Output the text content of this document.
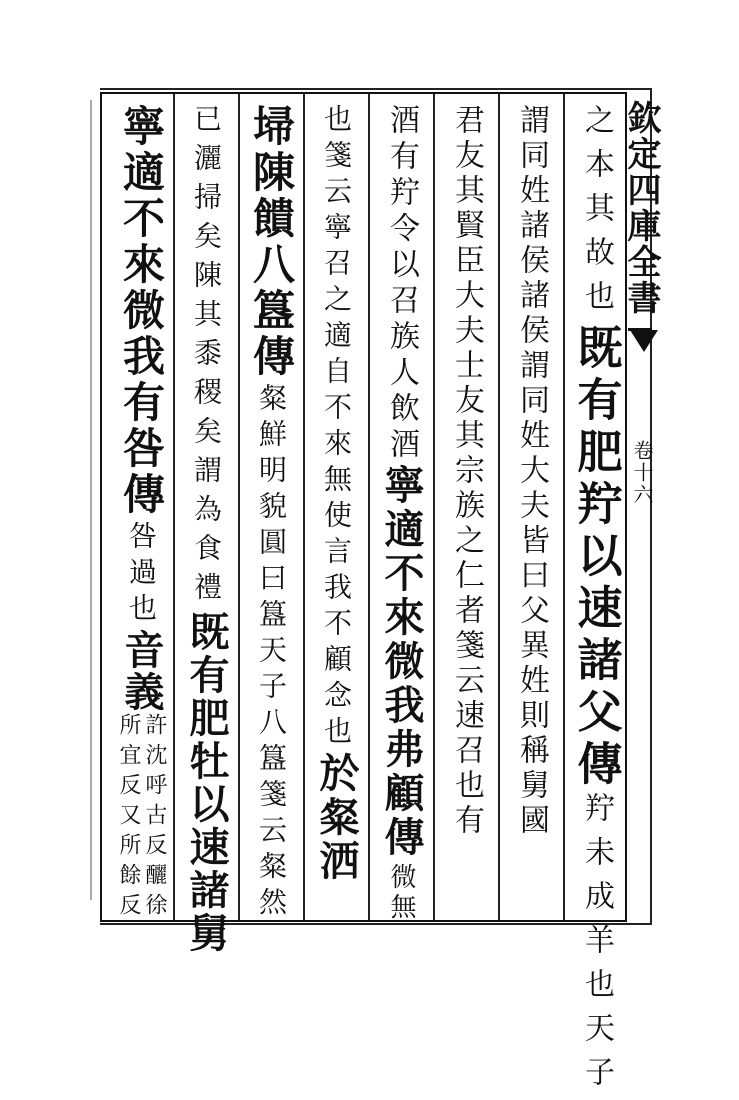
欽定四庫全書
卷十六
之本其故也
既有肥羜以速諸父
傳
羜未成羊也天子
謂同姓諸侯諸侯謂同姓大夫皆曰父異姓則稱舅國
君友其賢臣大夫士友其宗族之仁者箋云速召也有
酒有羜令以召族人飲酒
寧適不來微我弗顧
傳
微無
也箋云寧召之適自不來無使言我不顧念也
於粲洒
埽陳饋八簋
傳
粲鮮明貌圓曰簋天子八簋箋云粲然
已灑掃矣陳其黍稷矣謂為食禮
既有肥牡以速諸舅
寧適不來微我有咎
傳
咎過也
音義
許沈呼古反釃徐
所宜反又所餘反
